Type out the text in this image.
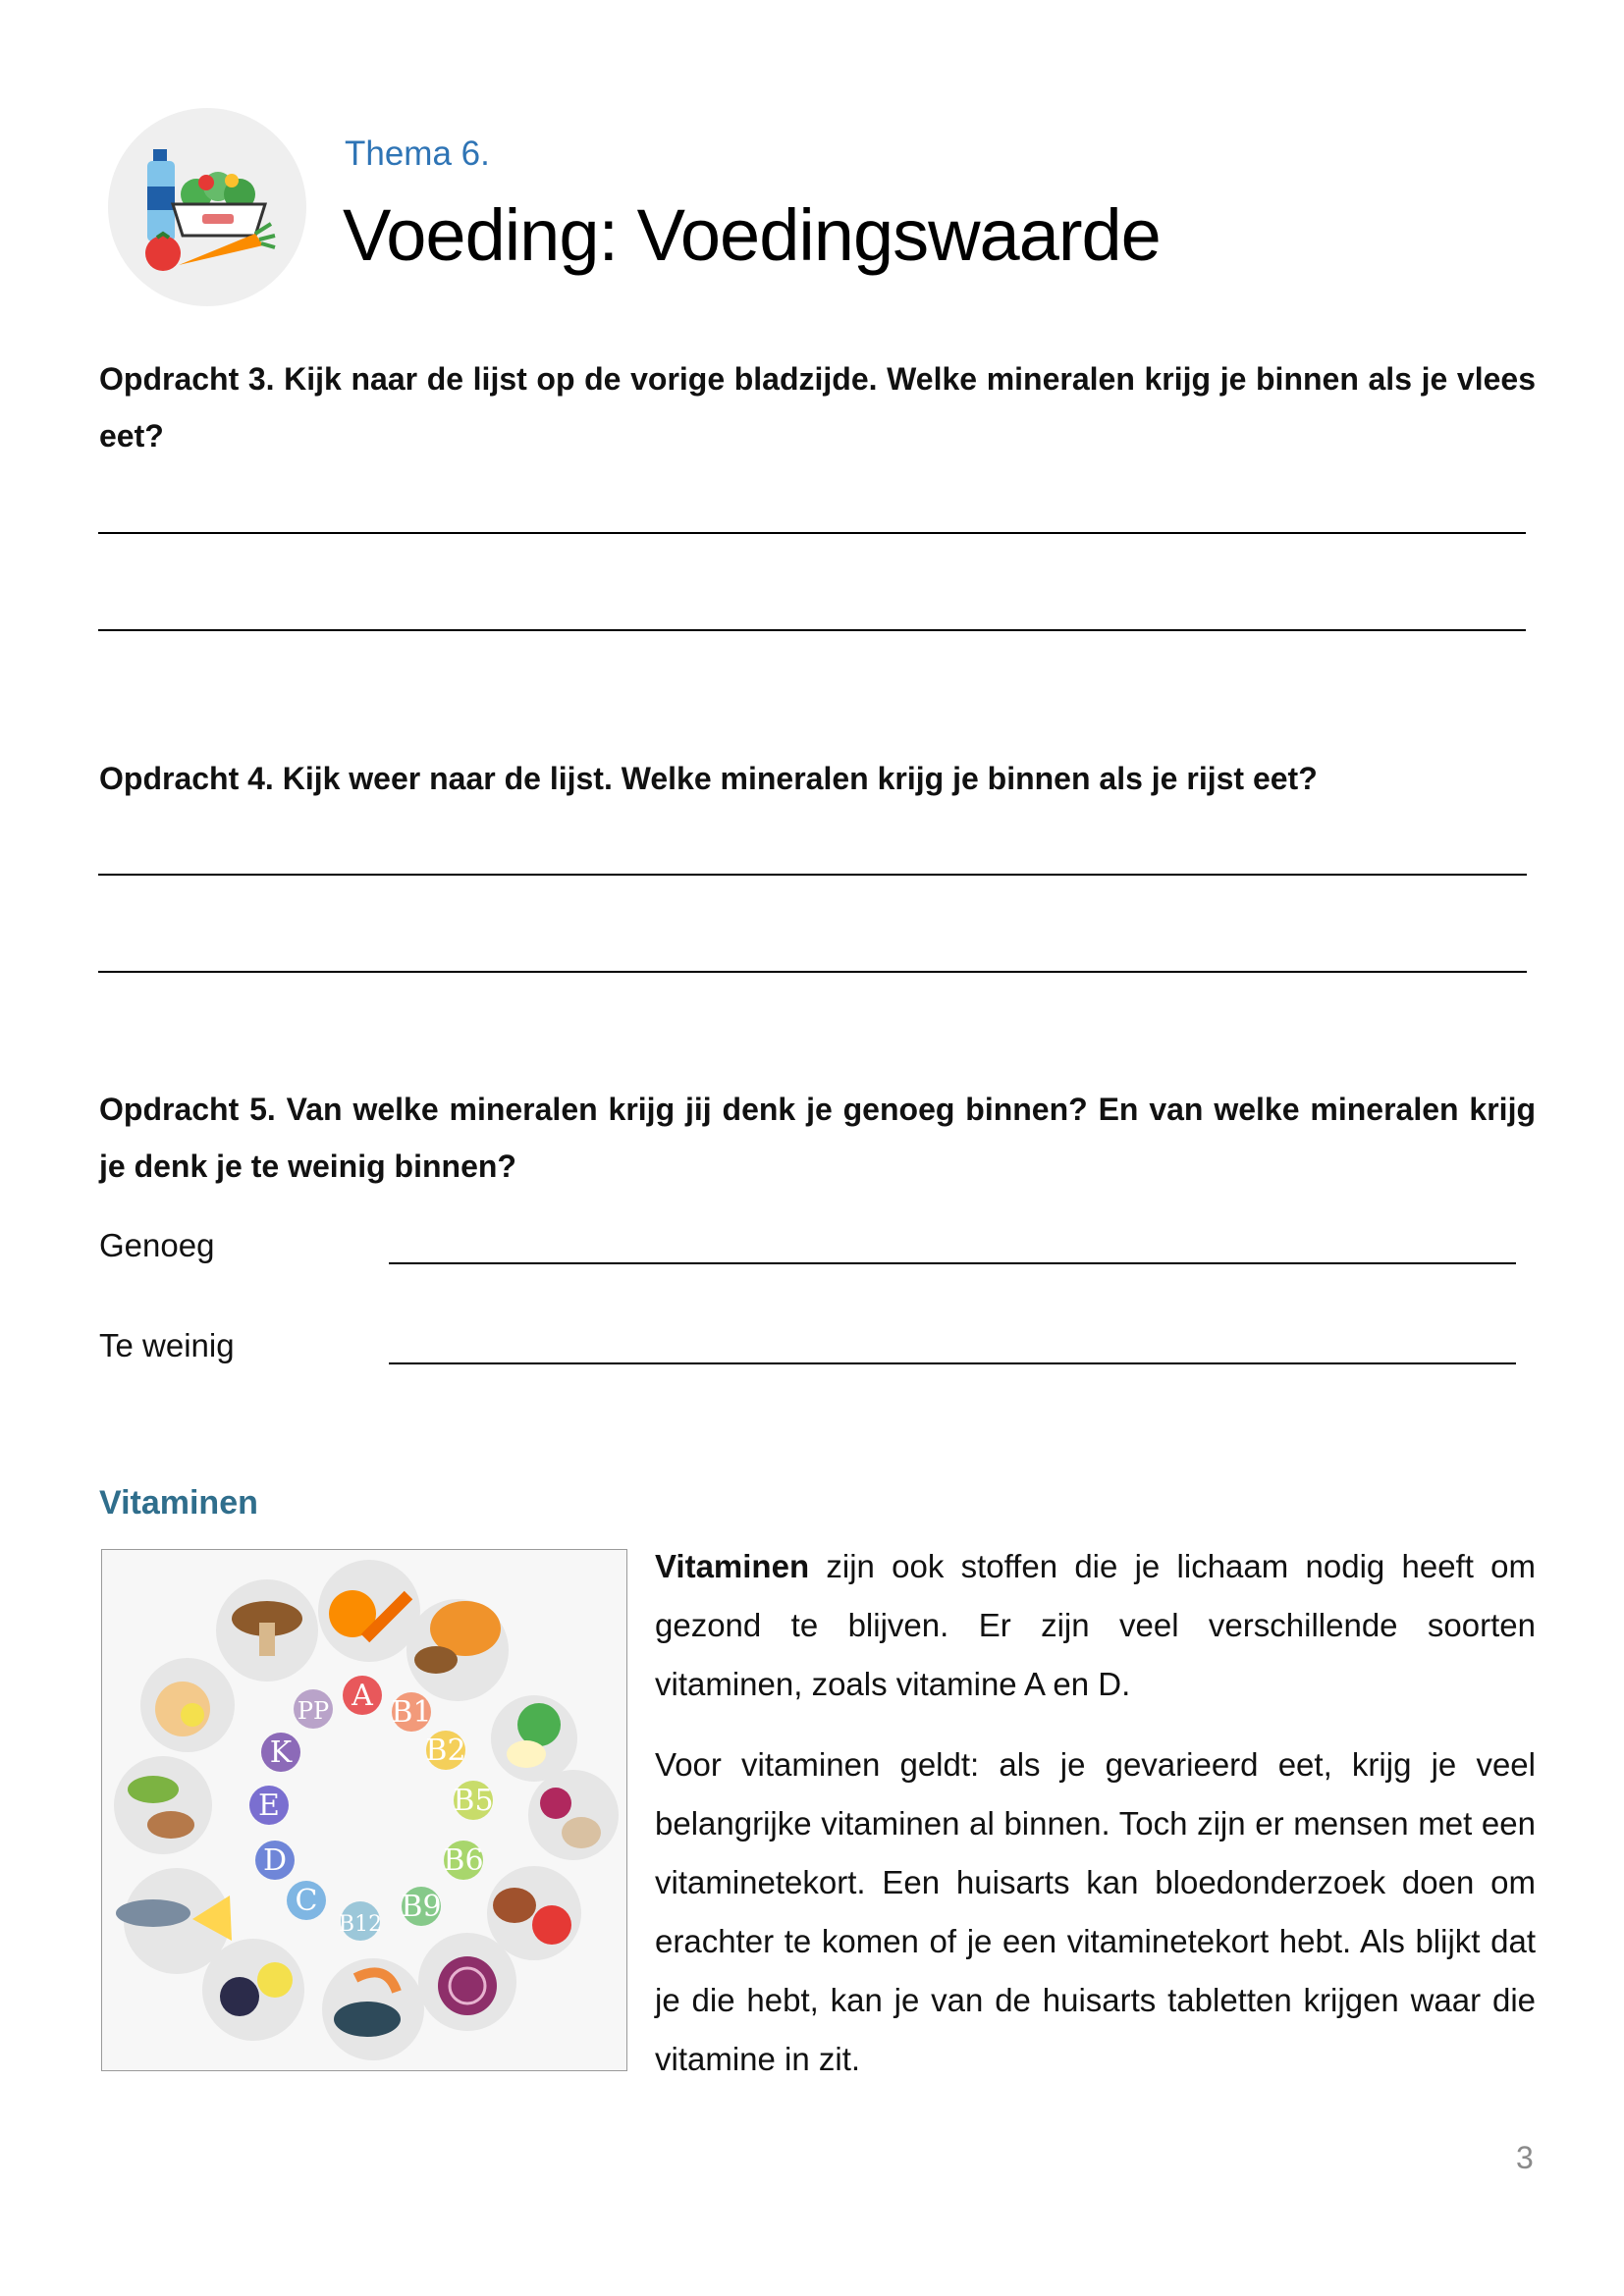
Thema 6.
Voeding: Voedingswaarde
Opdracht 3. Kijk naar de lijst op de vorige bladzijde. Welke mineralen krijg je binnen als je vlees eet?
Opdracht 4. Kijk weer naar de lijst. Welke mineralen krijg je binnen als je rijst eet?
Opdracht 5. Van welke mineralen krijg jij denk je genoeg binnen? En van welke mineralen krijg je denk je te weinig binnen?
Genoeg
Te weinig
Vitaminen
PP A B1
B2
B5
B6
B9
B12
C
D
E
K
Vitaminen zijn ook stoffen die je lichaam nodig heeft om gezond te blijven. Er zijn veel verschillende soorten vitaminen, zoals vitamine A en D.
Voor vitaminen geldt: als je gevarieerd eet, krijg je veel belangrijke vitaminen al binnen. Toch zijn er mensen met een vitaminetekort. Een huisarts kan bloedonderzoek doen om erachter te komen of je een vitaminetekort hebt. Als blijkt dat je die hebt, kan je van de huisarts tabletten krijgen waar die vitamine in zit.
3
